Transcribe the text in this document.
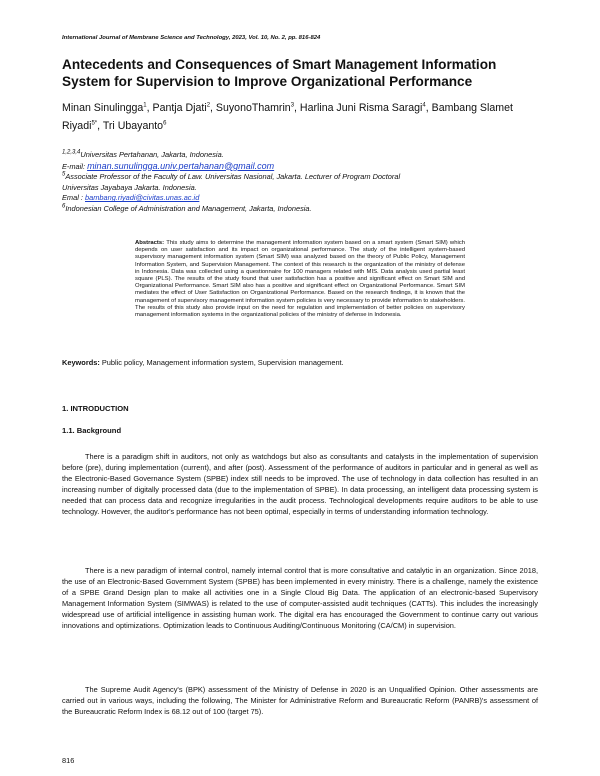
International Journal of Membrane Science and Technology, 2023, Vol. 10, No. 2, pp. 816-824
Antecedents and Consequences of Smart Management Information System for Supervision to Improve Organizational Performance
Minan Sinulingga$^1$, Pantja Djati$^2$, SuyonoThamrin$^3$, Harlina Juni Risma Saragi$^4$, Bambang Slamet Riyadi$^{5*}$, Tri Ubayanto$^6$
$^{1,2,3,4}$Universitas Pertahanan, Jakarta, Indonesia.
E-mail: minan.sunulingga.univ.pertahanan@gmail.com
$^5$Associate Professor of the Faculty of Law. Universitas Nasional, Jakarta. Lecturer of Program Doctoral
Universitas Jayabaya Jakarta. Indonesia.
Emal : bambang.riyadi@civitas.unas.ac.id
$^6$Indonesian College of Administration and Management, Jakarta, Indonesia.
Abstracts: This study aims to determine the management information system based on a smart system (Smart SIM) which depends on user satisfaction and its impact on organizational performance. The study of the intelligent system-based supervisory management information system (Smart SIM) was analyzed based on the theory of Public Policy, Management Information System, and Supervision Management. The context of this research is the organization of the ministry of defense in Indonesia. Data was collected using a questionnaire for 100 managers related with MIS. Data analysis used partial least square (PLS). The results of the study found that user satisfaction has a positive and significant effect on Smart SIM and Organizational Performance. Smart SIM also has a positive and significant effect on Organizational Performance. Smart SIM mediates the effect of User Satisfaction on Organizational Performance. Based on the research findings, it is known that the management of supervisory management information system policies is very necessary to provide information to stakeholders. The results of this study also provide input on the need for regulation and implementation of better policies on supervisory management information systems in the organizational policies of the ministry of defense in Indonesia.
Keywords: Public policy, Management information system, Supervision management.
1. INTRODUCTION
1.1. Background
There is a paradigm shift in auditors, not only as watchdogs but also as consultants and catalysts in the implementation of supervision before (pre), during implementation (current), and after (post). Assessment of the performance of auditors in particular and in general as well as the Electronic-Based Governance System (SPBE) index still needs to be improved. The use of technology in data collection has resulted in an increasing number of digitally processed data (due to the implementation of SPBE). In data processing, an intelligent data processing system is needed that can process data and recognize irregularities in the audit process. Technological developments require auditors to be able to use technology. However, the auditor's performance has not been optimal, especially in terms of understanding information technology.
There is a new paradigm of internal control, namely internal control that is more consultative and catalytic in an organization. Since 2018, the use of an Electronic-Based Government System (SPBE) has been implemented in every ministry. There is a challenge, namely the existence of a SPBE Grand Design plan to make all activities one in a Single Cloud Big Data. The application of an electronic-based Supervisory Management Information System (SIMWAS) is related to the use of computer-assisted audit techniques (CATTs). This includes the increasingly widespread use of artificial intelligence in assisting human work. The digital era has encouraged the Government to continue carry out various innovations and optimizations. Optimization leads to Continuous Auditing/Continuous Monitoring (CA/CM) in supervision.
The Supreme Audit Agency's (BPK) assessment of the Ministry of Defense in 2020 is an Unqualified Opinion. Other assessments are carried out in various ways, including the following, The Minister for Administrative Reform and Bureaucratic Reform (PANRB)'s assessment of the Bureaucratic Reform Index is 68.12 out of 100 (target 75).
816
